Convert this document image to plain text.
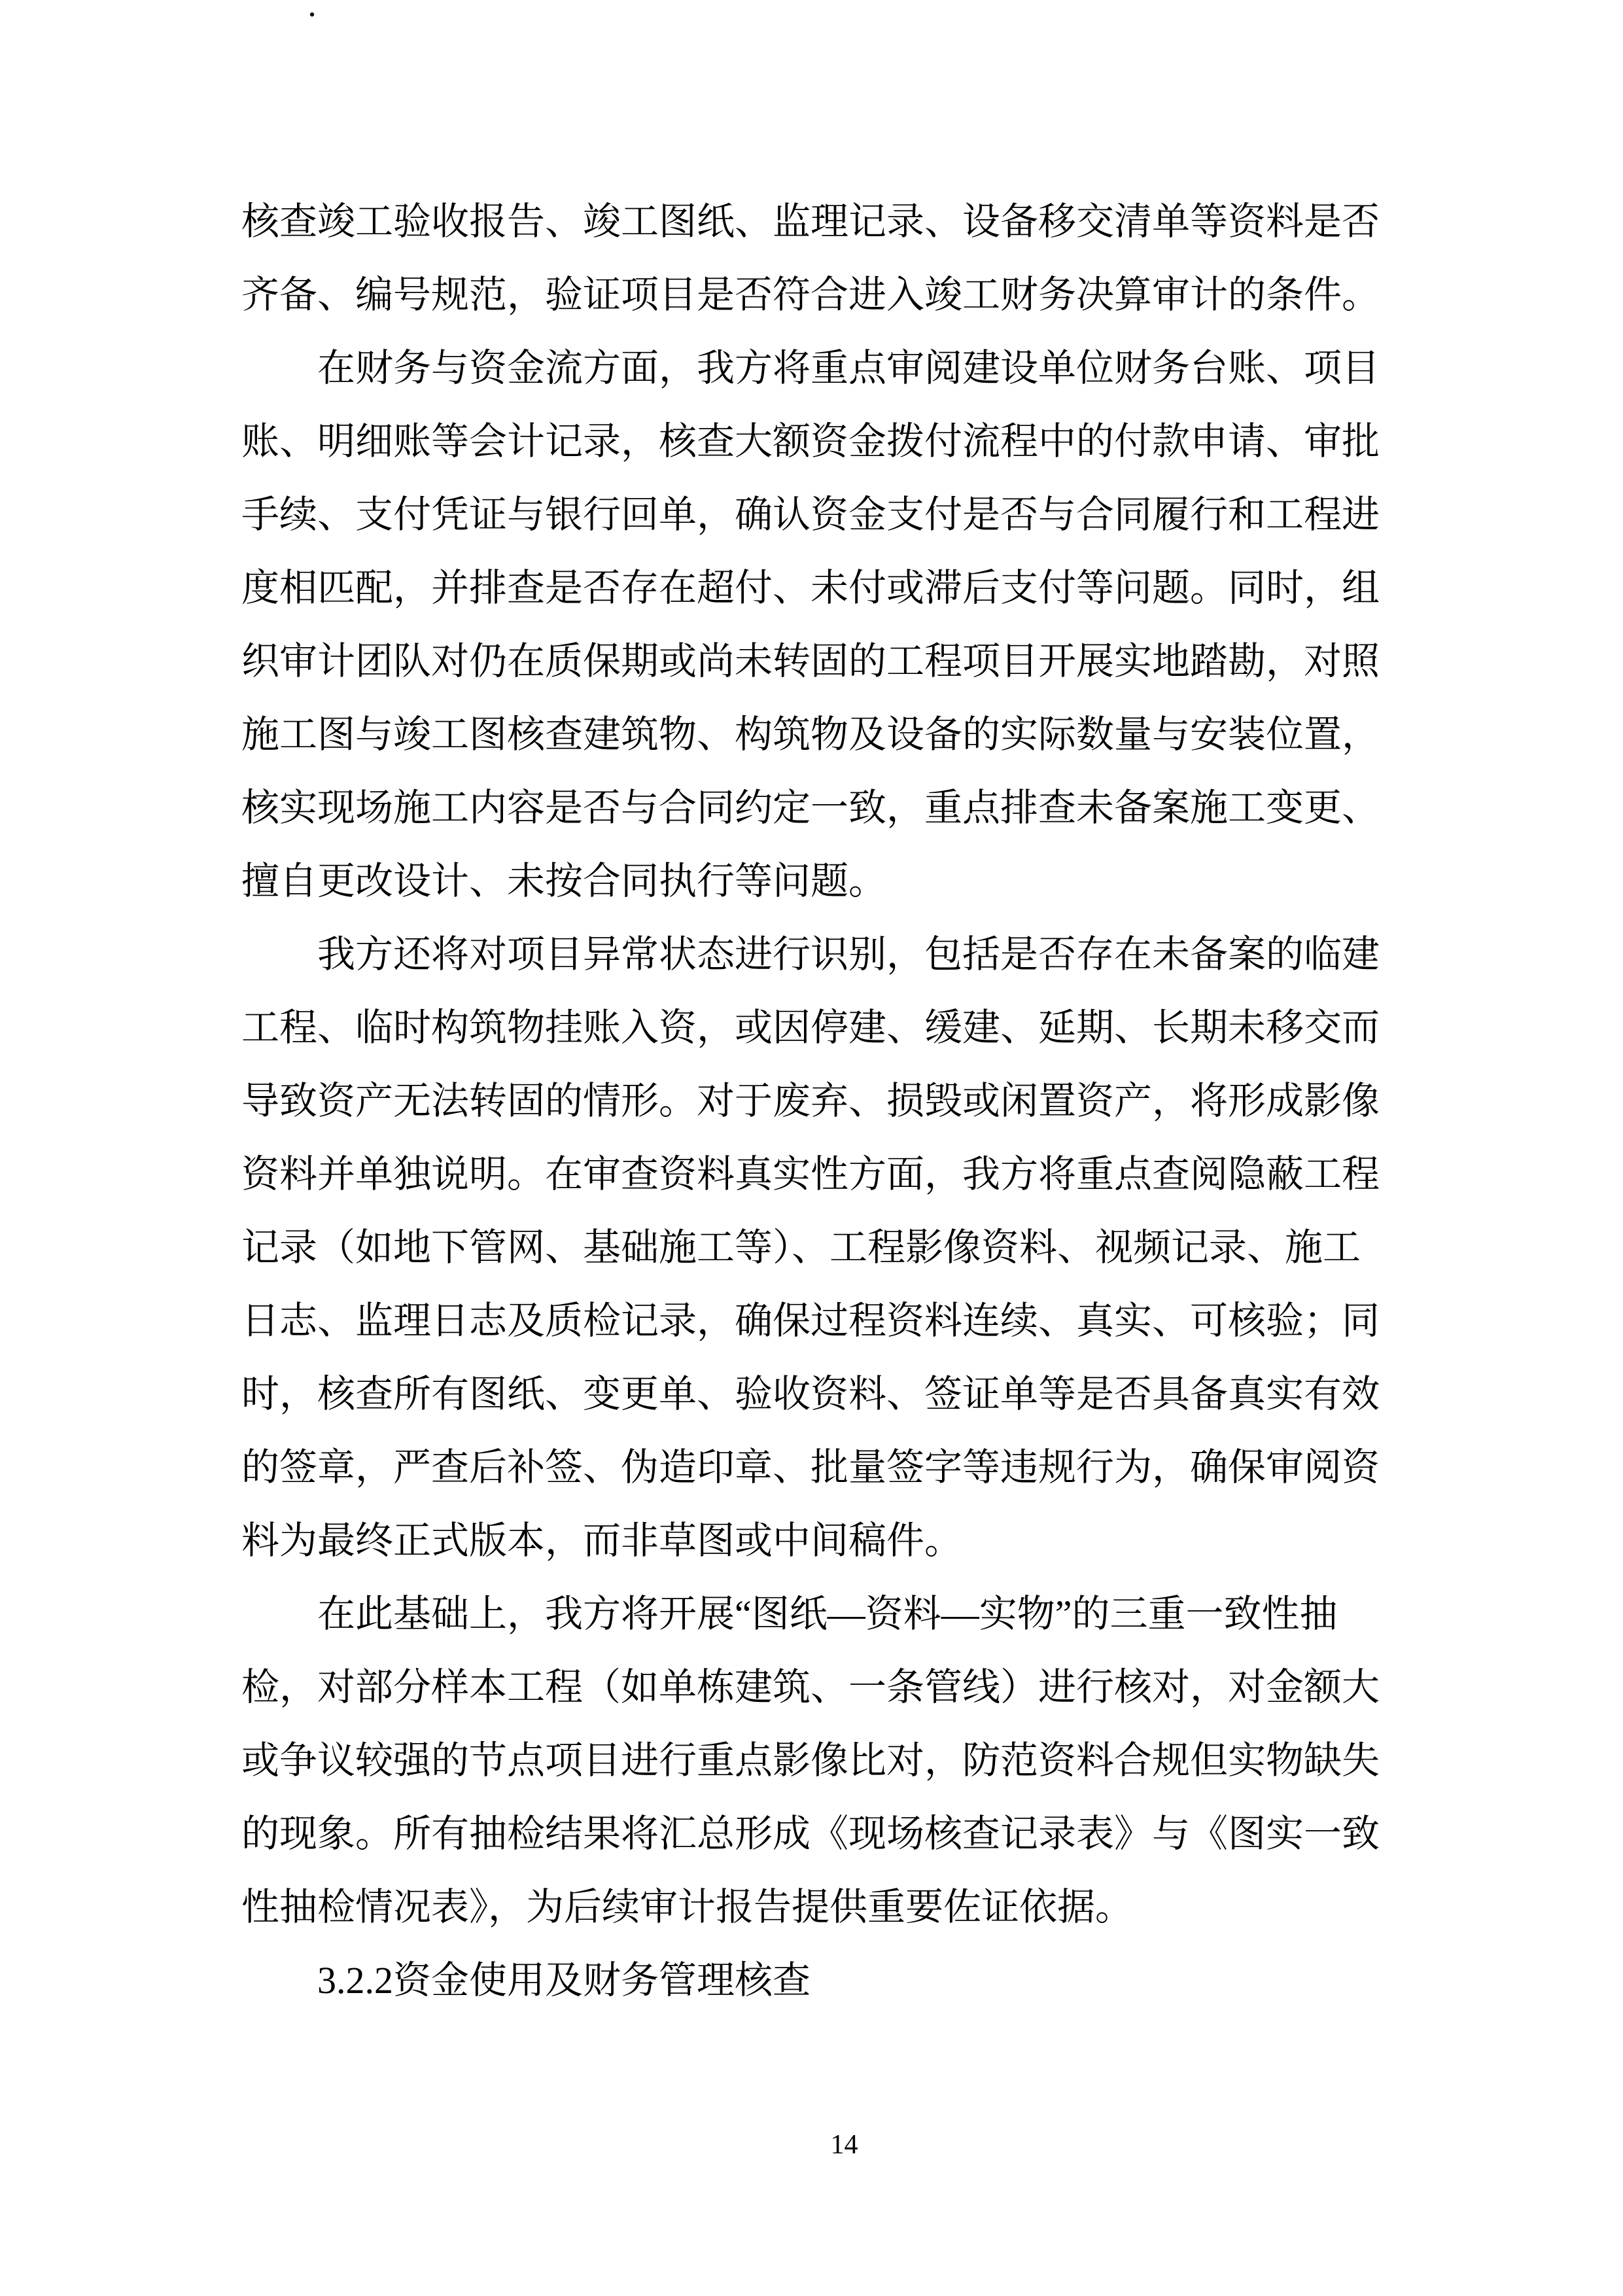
•
核查竣工验收报告、竣工图纸、监理记录、设备移交清单等资料是否
齐备、编号规范，验证项目是否符合进入竣工财务决算审计的条件。
在财务与资金流方面，我方将重点审阅建设单位财务台账、项目
账、明细账等会计记录，核查大额资金拨付流程中的付款申请、审批
手续、支付凭证与银行回单，确认资金支付是否与合同履行和工程进
度相匹配，并排查是否存在超付、未付或滞后支付等问题。同时，组
织审计团队对仍在质保期或尚未转固的工程项目开展实地踏勘，对照
施工图与竣工图核查建筑物、构筑物及设备的实际数量与安装位置，
核实现场施工内容是否与合同约定一致，重点排查未备案施工变更、
擅自更改设计、未按合同执行等问题。
我方还将对项目异常状态进行识别，包括是否存在未备案的临建
工程、临时构筑物挂账入资，或因停建、缓建、延期、长期未移交而
导致资产无法转固的情形。对于废弃、损毁或闲置资产，将形成影像
资料并单独说明。在审查资料真实性方面，我方将重点查阅隐蔽工程
记录（如地下管网、基础施工等）、工程影像资料、视频记录、施工
日志、监理日志及质检记录，确保过程资料连续、真实、可核验；同
时，核查所有图纸、变更单、验收资料、签证单等是否具备真实有效
的签章，严查后补签、伪造印章、批量签字等违规行为，确保审阅资
料为最终正式版本，而非草图或中间稿件。
在此基础上，我方将开展“图纸—资料—实物”的三重一致性抽
检，对部分样本工程（如单栋建筑、一条管线）进行核对，对金额大
或争议较强的节点项目进行重点影像比对，防范资料合规但实物缺失
的现象。所有抽检结果将汇总形成《现场核查记录表》与《图实一致
性抽检情况表》，为后续审计报告提供重要佐证依据。
3.2.2资金使用及财务管理核查
14
